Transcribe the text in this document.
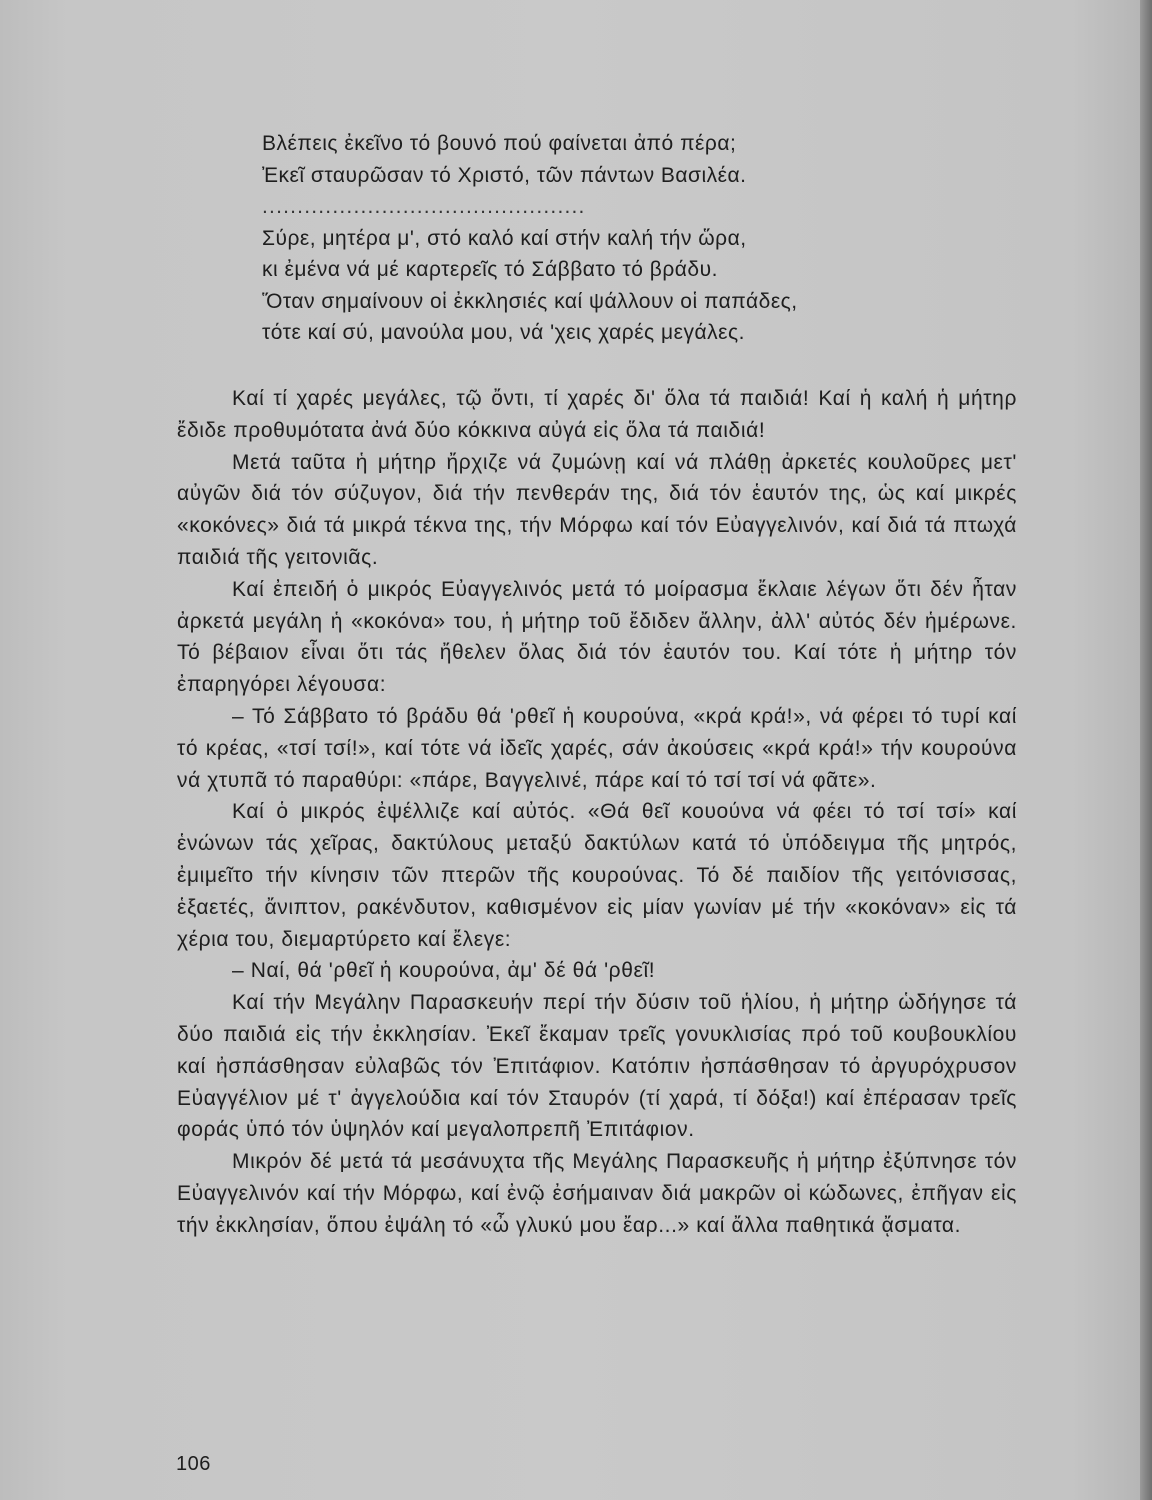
Βλέπεις ἐκεῖνο τό βουνό πού φαίνεται ἀπό πέρα;
Ἐκεῖ σταυρῶσαν τό Χριστό, τῶν πάντων Βασιλέα.
..............................................
Σύρε, μητέρα μ', στό καλό καί στήν καλή τήν ὥρα,
κι ἐμένα νά μέ καρτερεῖς τό Σάββατο τό βράδυ.
Ὅταν σημαίνουν οἱ ἐκκλησιές καί ψάλλουν οἱ παπάδες,
τότε καί σύ, μανούλα μου, νά 'χεις χαρές μεγάλες.

Καί τί χαρές μεγάλες, τῷ ὄντι, τί χαρές δι' ὅλα τά παιδιά! Καί ἡ καλή ἡ μήτηρ ἔδιδε προθυμότατα ἀνά δύο κόκκινα αὐγά εἰς ὅλα τά παιδιά!

Μετά ταῦτα ἡ μήτηρ ἤρχιζε νά ζυμώνῃ καί νά πλάθῃ ἀρκετές κουλοῦρες μετ' αὐγῶν διά τόν σύζυγον, διά τήν πενθεράν της, διά τόν ἑαυτόν της, ὡς καί μικρές «κοκόνες» διά τά μικρά τέκνα της, τήν Μόρφω καί τόν Εὐαγγελινόν, καί διά τά πτωχά παιδιά τῆς γειτονιᾶς.

Καί ἐπειδή ὁ μικρός Εὐαγγελινός μετά τό μοίρασμα ἔκλαιε λέγων ὅτι δέν ἦταν ἀρκετά μεγάλη ἡ «κοκόνα» του, ἡ μήτηρ τοῦ ἔδιδεν ἄλλην, ἀλλ' αὐτός δέν ἡμέρωνε. Τό βέβαιον εἶναι ὅτι τάς ἤθελεν ὅλας διά τόν ἑαυτόν του. Καί τότε ἡ μήτηρ τόν ἐπαρηγόρει λέγουσα:

– Τό Σάββατο τό βράδυ θά 'ρθεῖ ἡ κουρούνα, «κρά κρά!», νά φέρει τό τυρί καί τό κρέας, «τσί τσί!», καί τότε νά ἰδεῖς χαρές, σάν ἀκούσεις «κρά κρά!» τήν κουρούνα νά χτυπᾶ τό παραθύρι: «πάρε, Βαγγελινέ, πάρε καί τό τσί τσί νά φᾶτε».

Καί ὁ μικρός ἐψέλλιζε καί αὐτός. «Θά θεῖ κουούνα νά φέει τό τσί τσί» καί ἑνώνων τάς χεῖρας, δακτύλους μεταξύ δακτύλων κατά τό ὑπόδειγμα τῆς μητρός, ἐμιμεῖτο τήν κίνησιν τῶν πτερῶν τῆς κουρούνας. Τό δέ παιδίον τῆς γειτόνισσας, ἑξαετές, ἄνιπτον, ρακένδυτον, καθισμένον εἰς μίαν γωνίαν μέ τήν «κοκόναν» εἰς τά χέρια του, διεμαρτύρετο καί ἔλεγε:

– Ναί, θά 'ρθεῖ ἡ κουρούνα, ἀμ' δέ θά 'ρθεῖ!

Καί τήν Μεγάλην Παρασκευήν περί τήν δύσιν τοῦ ἡλίου, ἡ μήτηρ ὡδήγησε τά δύο παιδιά εἰς τήν ἐκκλησίαν. Ἐκεῖ ἔκαμαν τρεῖς γονυκλισίας πρό τοῦ κουβουκλίου καί ἠσπάσθησαν εὐλαβῶς τόν Ἐπιτάφιον. Κατόπιν ἠσπάσθησαν τό ἀργυρόχρυσον Εὐαγγέλιον μέ τ' ἀγγελούδια καί τόν Σταυρόν (τί χαρά, τί δόξα!) καί ἐπέρασαν τρεῖς φοράς ὑπό τόν ὑψηλόν καί μεγαλοπρεπῆ Ἐπιτάφιον.

Μικρόν δέ μετά τά μεσάνυχτα τῆς Μεγάλης Παρασκευῆς ἡ μήτηρ ἐξύπνησε τόν Εὐαγγελινόν καί τήν Μόρφω, καί ἐνῷ ἐσήμαιναν διά μακρῶν οἱ κώδωνες, ἐπῆγαν εἰς τήν ἐκκλησίαν, ὅπου ἐψάλη τό «ὦ γλυκύ μου ἔαρ...» καί ἄλλα παθητικά ᾄσματα.

106
